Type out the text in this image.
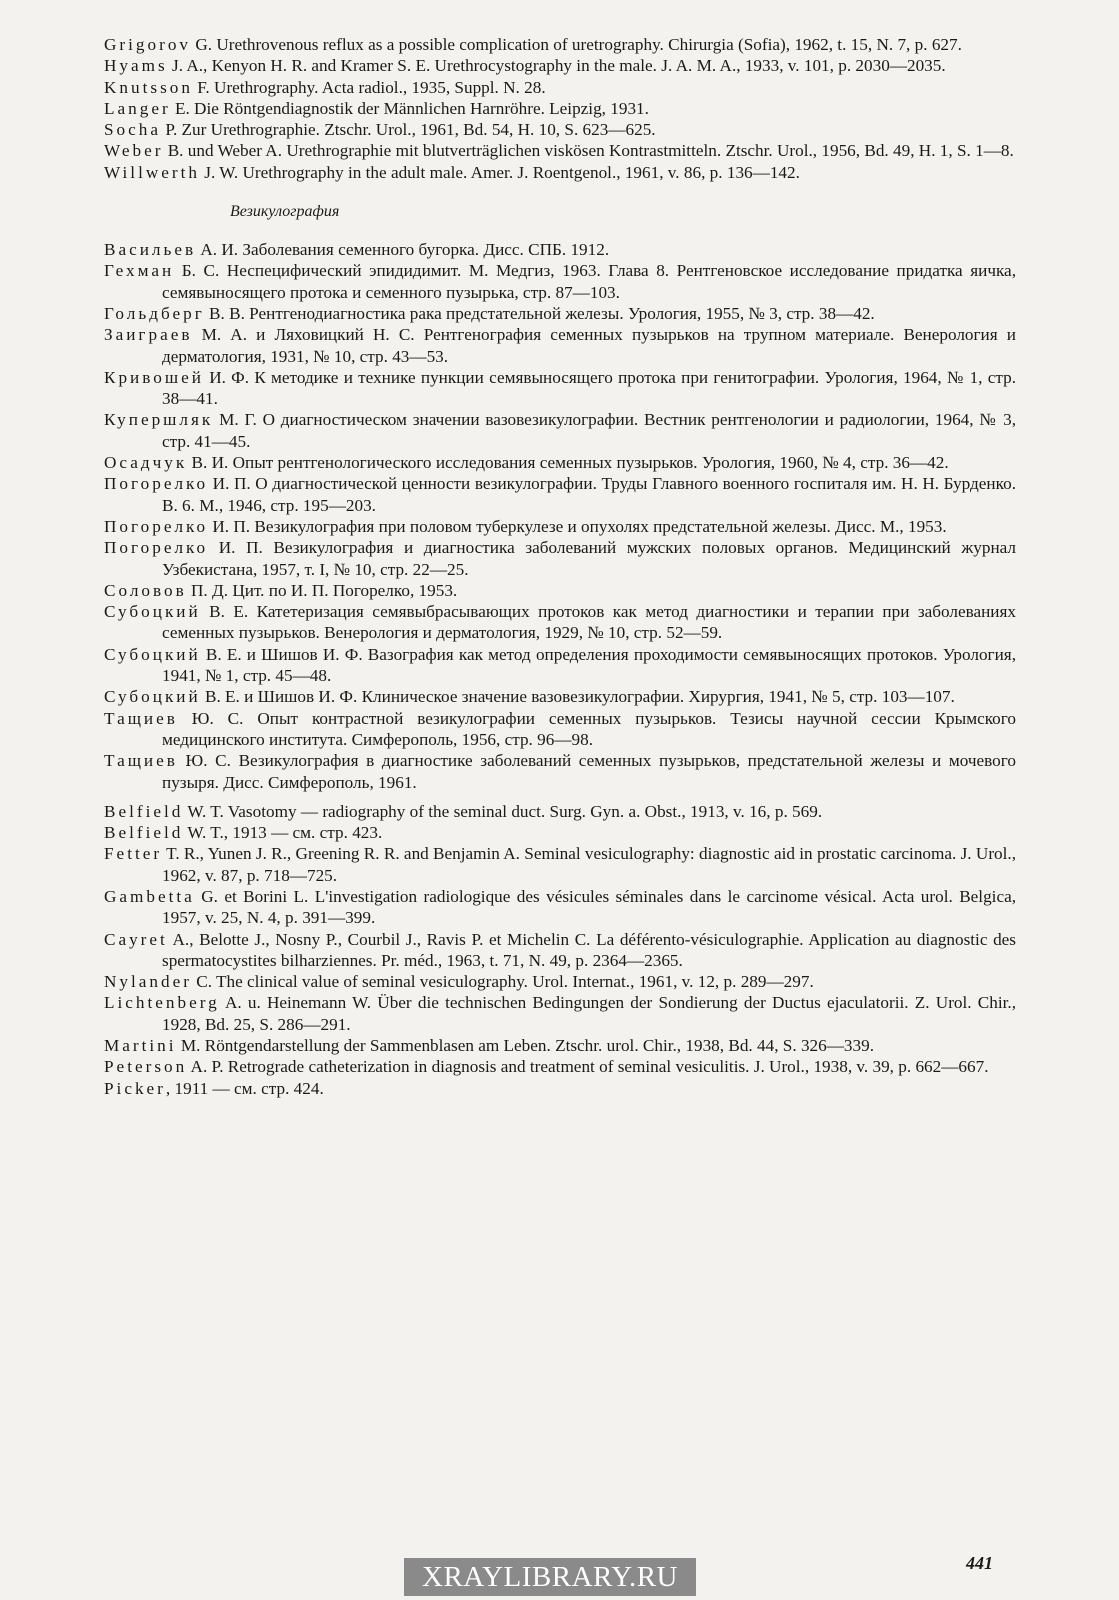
Grigorov G. Urethrovenous reflux as a possible complication of uretrography. Chirurgia (Sofia), 1962, t. 15, N. 7, p. 627.
Hyams J. A., Kenyon H. R. and Kramer S. E. Urethrocystography in the male. J. A. M. A., 1933, v. 101, p. 2030—2035.
Knutsson F. Urethrography. Acta radiol., 1935, Suppl. N. 28.
Langer E. Die Röntgendiagnostik der Männlichen Harnröhre. Leipzig, 1931.
Socha P. Zur Urethrographie. Ztschr. Urol., 1961, Bd. 54, H. 10, S. 623—625.
Weber B. und Weber A. Urethrographie mit blutverträglichen viskösen Kontrastmitteln. Ztschr. Urol., 1956, Bd. 49, H. 1, S. 1—8.
Willwerth J. W. Urethrography in the adult male. Amer. J. Roentgenol., 1961, v. 86, p. 136—142.
Везикулография
Васильев А. И. Заболевания семенного бугорка. Дисс. СПБ. 1912.
Гехман Б. С. Неспецифический эпидидимит. М. Медгиз, 1963. Глава 8. Рентгеновское исследование придатка яичка, семявыносящего протока и семенного пузырька, стр. 87—103.
Гольдберг В. В. Рентгенодиагностика рака предстательной железы. Урология, 1955, № 3, стр. 38—42.
Заиграев М. А. и Ляховицкий Н. С. Рентгенография семенных пузырьков на трупном материале. Венерология и дерматология, 1931, № 10, стр. 43—53.
Кривошей И. Ф. К методике и технике пункции семявыносящего протока при генитографии. Урология, 1964, № 1, стр. 38—41.
Купершляк М. Г. О диагностическом значении вазовезикулографии. Вестник рентгенологии и радиологии, 1964, № 3, стр. 41—45.
Осадчук В. И. Опыт рентгенологического исследования семенных пузырьков. Урология, 1960, № 4, стр. 36—42.
Погорелко И. П. О диагностической ценности везикулографии. Труды Главного военного госпиталя им. Н. Н. Бурденко. В. 6. М., 1946, стр. 195—203.
Погорелко И. П. Везикулография при половом туберкулезе и опухолях предстательной железы. Дисс. М., 1953.
Погорелко И. П. Везикулография и диагностика заболеваний мужских половых органов. Медицинский журнал Узбекистана, 1957, т. I, № 10, стр. 22—25.
Соловов П. Д. Цит. по И. П. Погорелко, 1953.
Субоцкий В. Е. Катетеризация семявыбрасывающих протоков как метод диагностики и терапии при заболеваниях семенных пузырьков. Венерология и дерматология, 1929, № 10, стр. 52—59.
Субоцкий В. Е. и Шишов И. Ф. Вазография как метод определения проходимости семявыносящих протоков. Урология, 1941, № 1, стр. 45—48.
Субоцкий В. Е. и Шишов И. Ф. Клиническое значение вазовезикулографии. Хирургия, 1941, № 5, стр. 103—107.
Тащиев Ю. С. Опыт контрастной везикулографии семенных пузырьков. Тезисы научной сессии Крымского медицинского института. Симферополь, 1956, стр. 96—98.
Тащиев Ю. С. Везикулография в диагностике заболеваний семенных пузырьков, предстательной железы и мочевого пузыря. Дисс. Симферополь, 1961.
Belfield W. T. Vasotomy — radiography of the seminal duct. Surg. Gyn. a. Obst., 1913, v. 16, p. 569.
Belfield W. T., 1913 — см. стр. 423.
Fetter T. R., Yunen J. R., Greening R. R. and Benjamin A. Seminal vesiculography: diagnostic aid in prostatic carcinoma. J. Urol., 1962, v. 87, p. 718—725.
Gambetta G. et Borini L. L'investigation radiologique des vésicules séminales dans le carcinome vésical. Acta urol. Belgica, 1957, v. 25, N. 4, p. 391—399.
Cayret A., Belotte J., Nosny P., Courbil J., Ravis P. et Michelin C. La déférento-vésiculographie. Application au diagnostic des spermatocystites bilharziennes. Pr. méd., 1963, t. 71, N. 49, p. 2364—2365.
Nylander C. The clinical value of seminal vesiculography. Urol. Internat., 1961, v. 12, p. 289—297.
Lichtenberg A. u. Heinemann W. Über die technischen Bedingungen der Sondierung der Ductus ejaculatorii. Z. Urol. Chir., 1928, Bd. 25, S. 286—291.
Martini M. Röntgendarstellung der Sammenblasen am Leben. Ztschr. urol. Chir., 1938, Bd. 44, S. 326—339.
Peterson A. P. Retrograde catheterization in diagnosis and treatment of seminal vesiculitis. J. Urol., 1938, v. 39, p. 662—667.
Picker, 1911 — см. стр. 424.
441
XRAYLIBRARY.RU
